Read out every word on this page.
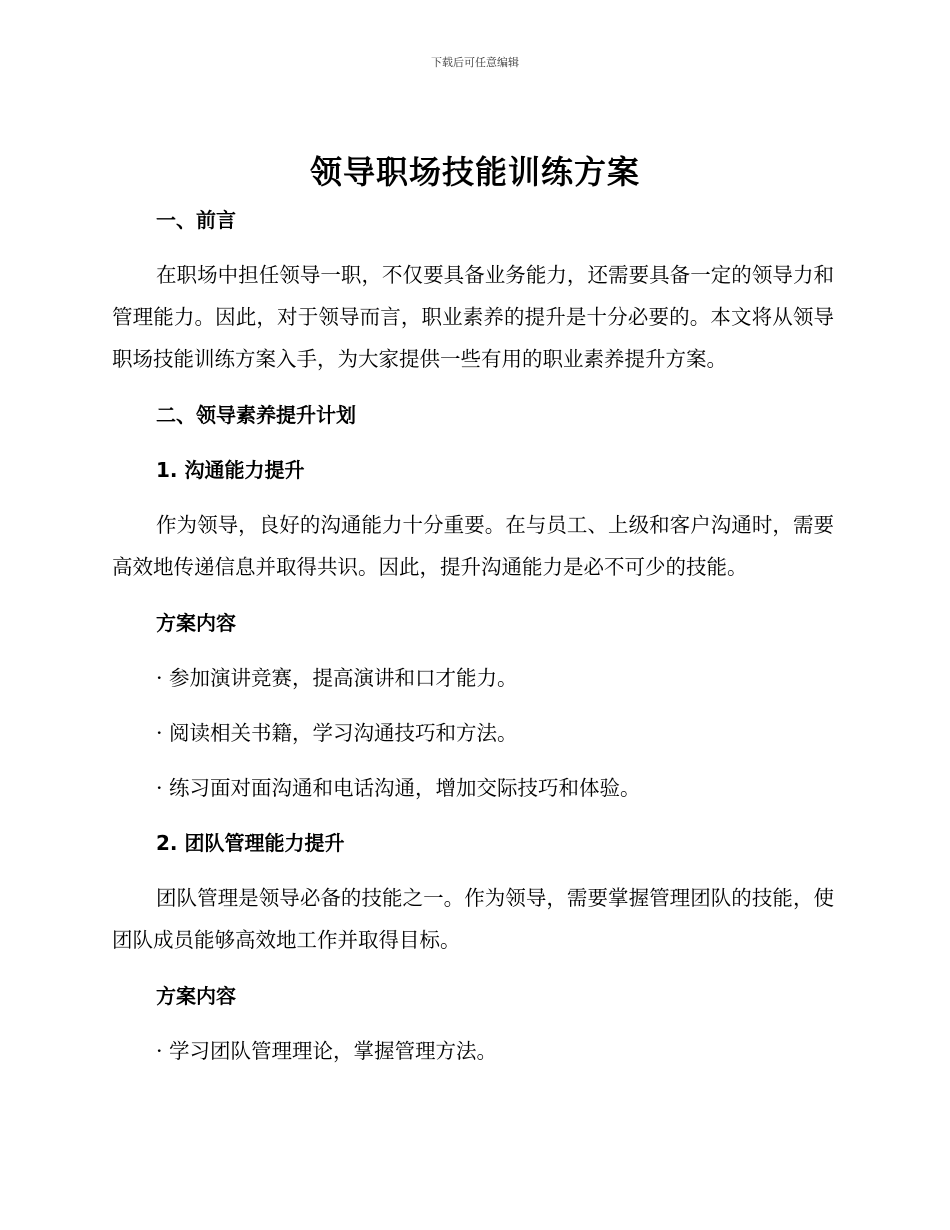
下载后可任意编辑
领导职场技能训练方案
一、前言

在职场中担任领导一职，不仅要具备业务能力，还需要具备一定的领导力和管理能力。因此，对于领导而言，职业素养的提升是十分必要的。本文将从领导职场技能训练方案入手，为大家提供一些有用的职业素养提升方案。

二、领导素养提升计划
1. 沟通能力提升

作为领导，良好的沟通能力十分重要。在与员工、上级和客户沟通时，需要高效地传递信息并取得共识。因此，提升沟通能力是必不可少的技能。

方案内容
· 参加演讲竞赛，提高演讲和口才能力。
· 阅读相关书籍，学习沟通技巧和方法。
· 练习面对面沟通和电话沟通，增加交际技巧和体验。
2. 团队管理能力提升

团队管理是领导必备的技能之一。作为领导，需要掌握管理团队的技能，使团队成员能够高效地工作并取得目标。

方案内容
· 学习团队管理理论，掌握管理方法。
